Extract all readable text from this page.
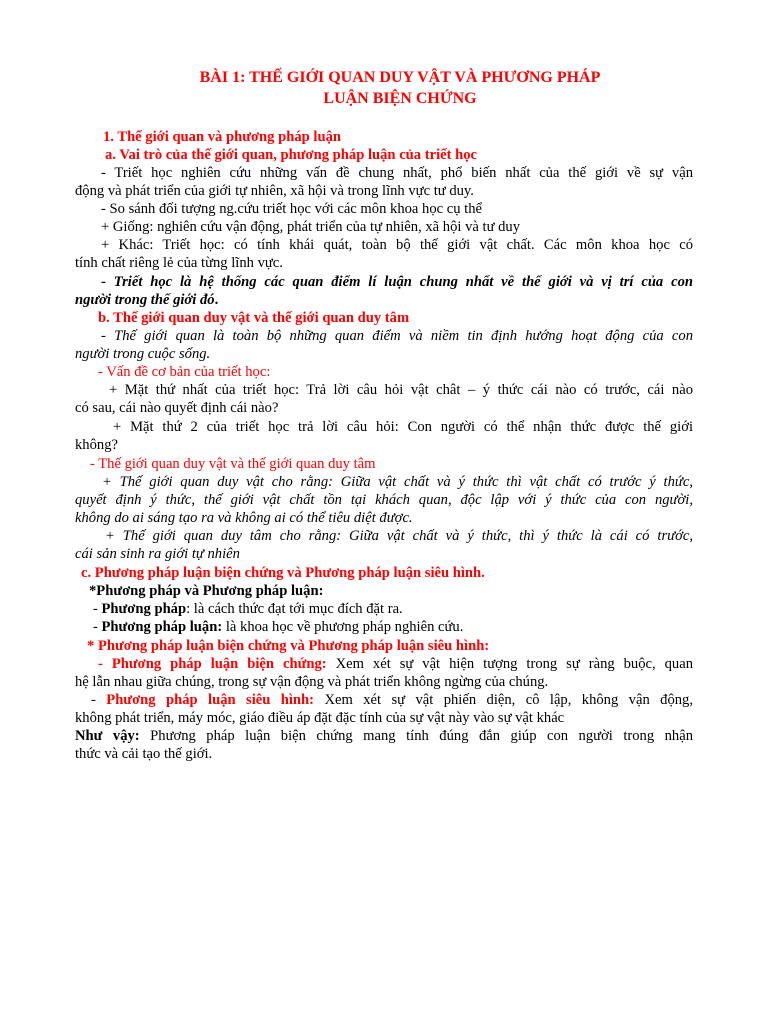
BÀI 1: THẾ GIỚI QUAN DUY VẬT VÀ PHƯƠNG PHÁP
LUẬN BIỆN CHỨNG
1. Thế giới quan và phương pháp luận
a. Vai trò của thế giới quan, phương pháp luận của triết học
- Triết học nghiên cứu những vấn đề chung nhất, phổ biến nhất của thế giới về sự vận
động và phát triển của giới tự nhiên, xã hội và trong lĩnh vực tư duy.
- So sánh đối tượng ng.cứu triết học với các môn khoa học cụ thể
+ Giống: nghiên cứu vận động, phát triển của tự nhiên, xã hội và tư duy
+ Khác: Triết học: có tính khái quát, toàn bộ thế giới vật chất. Các môn khoa học có
tính chất riêng lẻ của từng lĩnh vực.
- Triết học là hệ thống các quan điểm lí luận chung nhất về thế giới và vị trí của con
người trong thế giới đó.
b. Thế giới quan duy vật và thế giới quan duy tâm
- Thế giới quan là toàn bộ những quan điểm và niềm tin định hướng hoạt động của con
người trong cuộc sống.
- Vấn đề cơ bản của triết học:
+ Mặt thứ nhất của triết học: Trả lời câu hỏi vật chât – ý thức cái nào có trước, cái nào
có sau, cái nào quyết định cái nào?
+ Mặt thứ 2 của triết học trả lời câu hỏi: Con người có thể nhận thức được thế giới
không?
- Thế giới quan duy vật và thế giới quan duy tâm
+ Thế giới quan duy vật cho rằng: Giữa vật chất và ý thức thì vật chất có trước ý thức,
quyết định ý thức, thế giới vật chất tồn tại khách quan, độc lập với ý thức của con người,
không do ai sáng tạo ra và không ai có thể tiêu diệt được.
+ Thế giới quan duy tâm cho rằng: Giữa vật chất và ý thức, thì ý thức là cái có trước,
cái sản sinh ra giới tự nhiên
c. Phương pháp luận biện chứng và Phương pháp luận siêu hình.
*Phương pháp và Phương pháp luận:
- Phương pháp: là cách thức đạt tới mục đích đặt ra.
- Phương pháp luận: là khoa học về phương pháp nghiên cứu.
* Phương pháp luận biện chứng và Phương pháp luận siêu hình:
- Phương pháp luận biện chứng: Xem xét sự vật hiện tượng trong sự ràng buộc, quan
hệ lẫn nhau giữa chúng, trong sự vận động và phát triển không ngừng của chúng.
- Phương pháp luận siêu hình: Xem xét sự vật phiến diện, cô lập, không vận động,
không phát triển, máy móc, giáo điều áp đặt đặc tính của sự vật này vào sự vật khác
Như vậy: Phương pháp luận biện chứng mang tính đúng đắn giúp con người trong nhận
thức và cải tạo thế giới.
